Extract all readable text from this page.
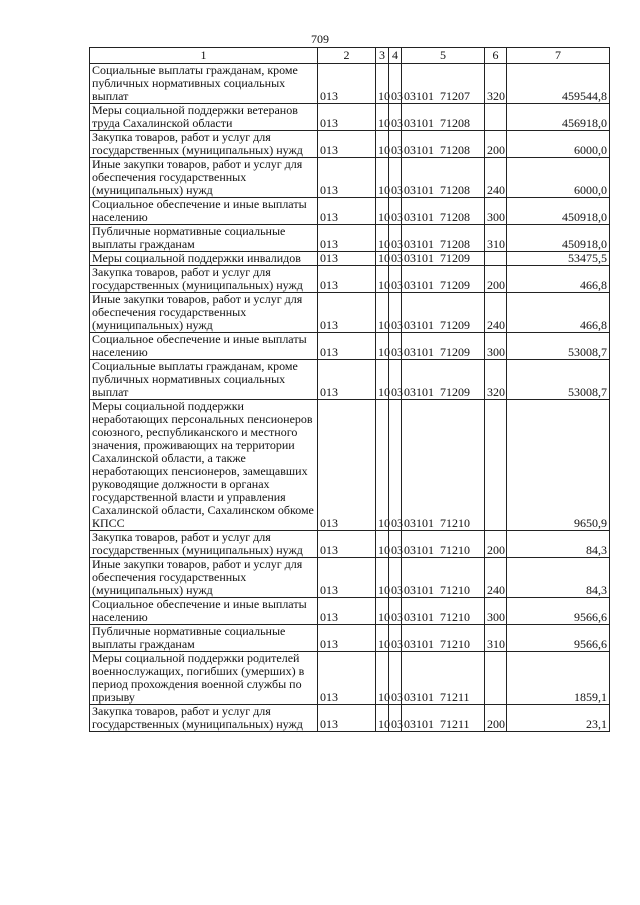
709
1	2	3	4	5	6	7
Социальные выплаты гражданам, кроме публичных нормативных социальных выплат	013	10	03	03101 71207	320	459544,8
Меры социальной поддержки ветеранов труда Сахалинской области	013	10	03	03101 71208		456918,0
Закупка товаров, работ и услуг для государственных (муниципальных) нужд	013	10	03	03101 71208	200	6000,0
Иные закупки товаров, работ и услуг для обеспечения государственных (муниципальных) нужд	013	10	03	03101 71208	240	6000,0
Социальное обеспечение и иные выплаты населению	013	10	03	03101 71208	300	450918,0
Публичные нормативные социальные выплаты гражданам	013	10	03	03101 71208	310	450918,0
Меры социальной поддержки инвалидов	013	10	03	03101 71209		53475,5
Закупка товаров, работ и услуг для государственных (муниципальных) нужд	013	10	03	03101 71209	200	466,8
Иные закупки товаров, работ и услуг для обеспечения государственных (муниципальных) нужд	013	10	03	03101 71209	240	466,8
Социальное обеспечение и иные выплаты населению	013	10	03	03101 71209	300	53008,7
Социальные выплаты гражданам, кроме публичных нормативных социальных выплат	013	10	03	03101 71209	320	53008,7
Меры социальной поддержки неработающих персональных пенсионеров союзного, республиканского и местного значения, проживающих на территории Сахалинской области, а также неработающих пенсионеров, замещавших руководящие должности в органах государственной власти и управления Сахалинской области, Сахалинском обкоме КПСС	013	10	03	03101 71210		9650,9
Закупка товаров, работ и услуг для государственных (муниципальных) нужд	013	10	03	03101 71210	200	84,3
Иные закупки товаров, работ и услуг для обеспечения государственных (муниципальных) нужд	013	10	03	03101 71210	240	84,3
Социальное обеспечение и иные выплаты населению	013	10	03	03101 71210	300	9566,6
Публичные нормативные социальные выплаты гражданам	013	10	03	03101 71210	310	9566,6
Меры социальной поддержки родителей военнослужащих, погибших (умерших) в период прохождения военной службы по призыву	013	10	03	03101 71211		1859,1
Закупка товаров, работ и услуг для государственных (муниципальных) нужд	013	10	03	03101 71211	200	23,1
